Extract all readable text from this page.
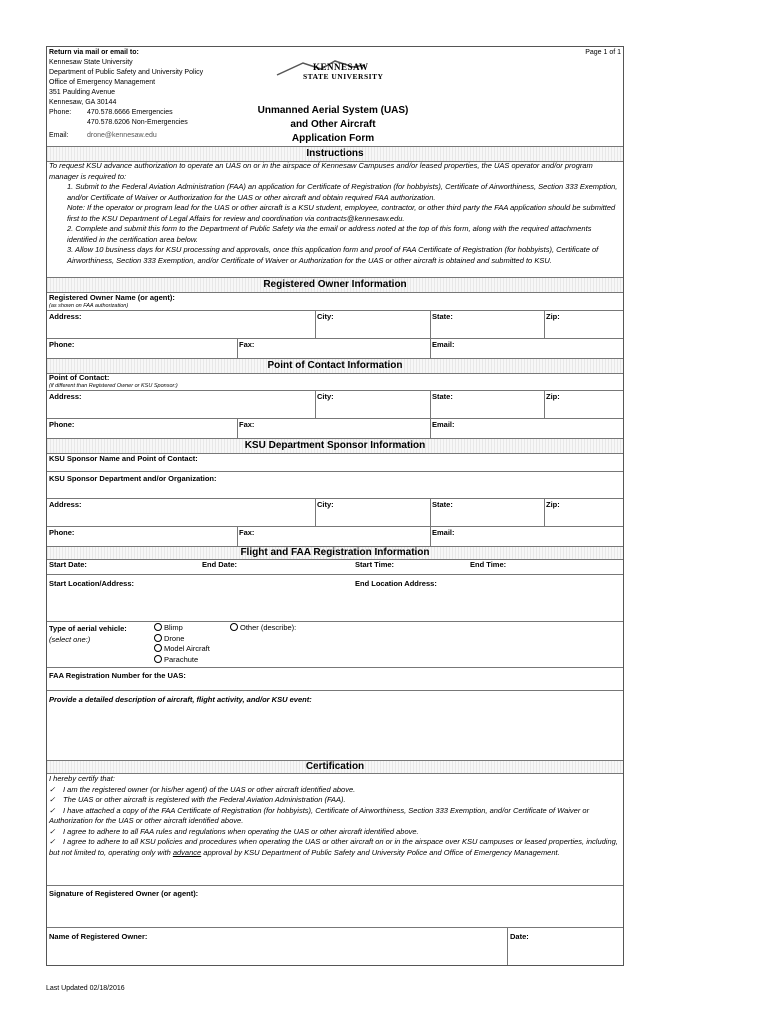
Return via mail or email to:
Kennesaw State University
Department of Public Safety and University Policy
Office of Emergency Management
351 Paulding Avenue
Kennesaw, GA 30144
Phone: 470.578.6666 Emergencies
470.578.6206 Non-Emergencies
Email:	drone@kennesaw.edu
Page 1 of 1
KENNESAW
STATE UNIVERSITY
Unmanned Aerial System (UAS)
and Other Aircraft
Application Form
Instructions
To request KSU advance authorization to operate an UAS on or in the airspace of Kennesaw Campuses and/or leased properties, the UAS operator and/or program manager is required to:
1. Submit to the Federal Aviation Administration (FAA) an application for Certificate of Registration (for hobbyists), Certificate of Airworthiness, Section 333 Exemption, and/or Certificate of Waiver or Authorization for the UAS or other aircraft and obtain required FAA authorization.
Note: If the operator or program lead for the UAS or other aircraft is a KSU student, employee, contractor, or other third party the FAA application should be submitted first to the KSU Department of Legal Affairs for review and coordination via contracts@kennesaw.edu.
2. Complete and submit this form to the Department of Public Safety via the email or address noted at the top of this form, along with the required attachments identified in the certification area below.
3. Allow 10 business days for KSU processing and approvals, once this application form and proof of FAA Certificate of Registration (for hobbyists), Certificate of Airworthiness, Section 333 Exemption, and/or Certificate of Waiver or Authorization for the UAS or other aircraft is obtained and submitted to KSU.
Registered Owner Information
Registered Owner Name (or agent):
(as shown on FAA authorization)
Address:	City:	State:	Zip:
Phone:	Fax:	Email:
Point of Contact Information
Point of Contact:
(if different than Registered Owner or KSU Sponsor:)
Address:	City:	State:	Zip:
Phone:	Fax:	Email:
KSU Department Sponsor Information
KSU Sponsor Name and Point of Contact:
KSU Sponsor Department and/or Organization:
Address:	City:	State:	Zip:
Phone:	Fax:	Email:
Flight and FAA Registration Information
Start Date:	End Date:	Start Time:	End Time:
Start Location/Address:	End Location Address:
Type of aerial vehicle:
(select one:)
Blimp
Drone
Model Aircraft
Parachute
Other (describe):
FAA Registration Number for the UAS:
Provide a detailed description of aircraft, flight activity, and/or KSU event:
Certification
I hereby certify that:
✓ I am the registered owner (or his/her agent) of the UAS or other aircraft identified above.
✓ The UAS or other aircraft is registered with the Federal Aviation Administration (FAA).
✓ I have attached a copy of the FAA Certificate of Registration (for hobbyists), Certificate of Airworthiness, Section 333 Exemption, and/or Certificate of Waiver or Authorization for the UAS or other aircraft identified above.
✓ I agree to adhere to all FAA rules and regulations when operating the UAS or other aircraft identified above.
✓ I agree to adhere to all KSU policies and procedures when operating the UAS or other aircraft on or in the airspace over KSU campuses or leased properties, including, but not limited to, operating only with advance approval by KSU Department of Public Safety and University Police and Office of Emergency Management.
Signature of Registered Owner (or agent):
Name of Registered Owner:	Date:
Last Updated 02/18/2016
